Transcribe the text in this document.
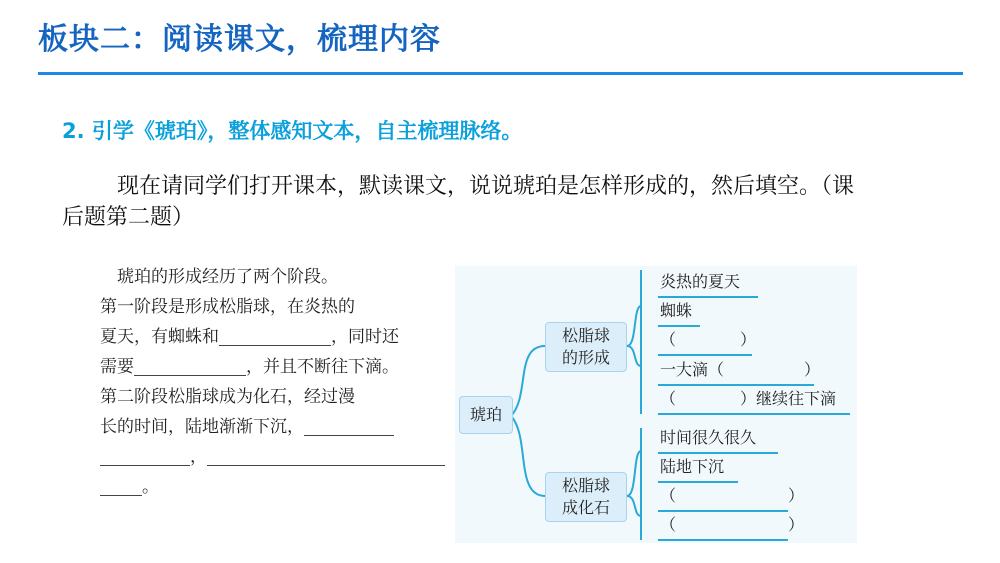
板块二：阅读课文，梳理内容

2. 引学《琥珀》，整体感知文本，自主梳理脉络。

现在请同学们打开课本，默读课文，说说琥珀是怎样形成的，然后填空。（课后题第二题）

琥珀的形成经历了两个阶段。
第一阶段是形成松脂球，在炎热的
夏天，有蜘蛛和	，同时还
需要	，并且不断往下滴。
第二阶段松脂球成为化石，经过漫
长的时间，陆地渐渐下沉，
，
。
琥珀
松脂球
的形成
松脂球
成化石
炎热的夏天
蜘蛛
（　　　　）
一大滴（　　　　　）
（　　　　）继续往下滴
时间很久很久
陆地下沉
（　　　　　　　）
（　　　　　　　）
